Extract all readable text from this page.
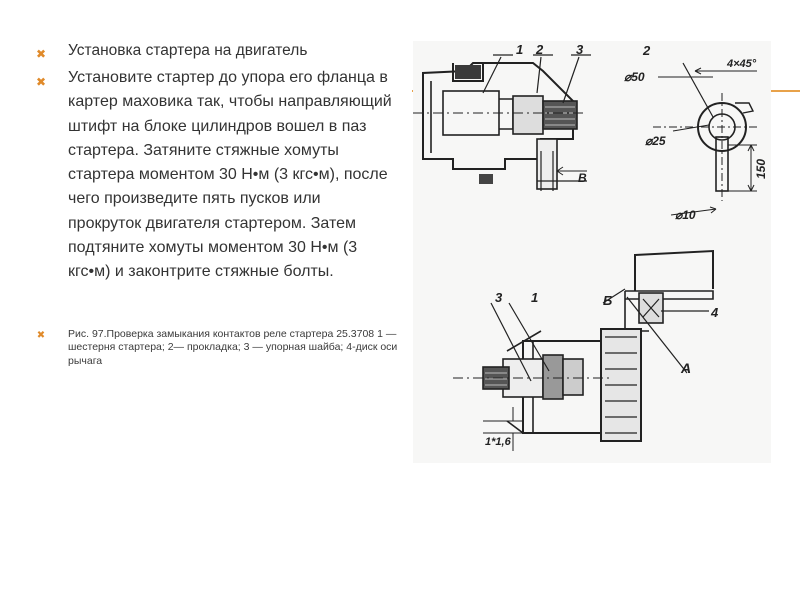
✖ Установка стартера на двигатель
✖ Установите стартер до упора его фланца в картер маховика так, чтобы направляющий штифт на блоке цилиндров вошел в паз стартера. Затяните стяжные хомуты стартера моментом 30 Н•м (3 кгс•м), после чего произведите пять пусков или прокруток двигателя стартером. Затем подтяните хомуты моментом 30 Н•м (3 кгс•м) и законтрите стяжные болты.
✖ Рис. 97.Проверка замыкания контактов реле стартера 25.3708 1 — шестерня стартера; 2— прокладка; 3 — упорная шайба; 4-диск оси рычага
1 2	3
В
2
4×45°
⌀50
⌀25
150
⌀10
3 1	Б
4
А
1*1,6
